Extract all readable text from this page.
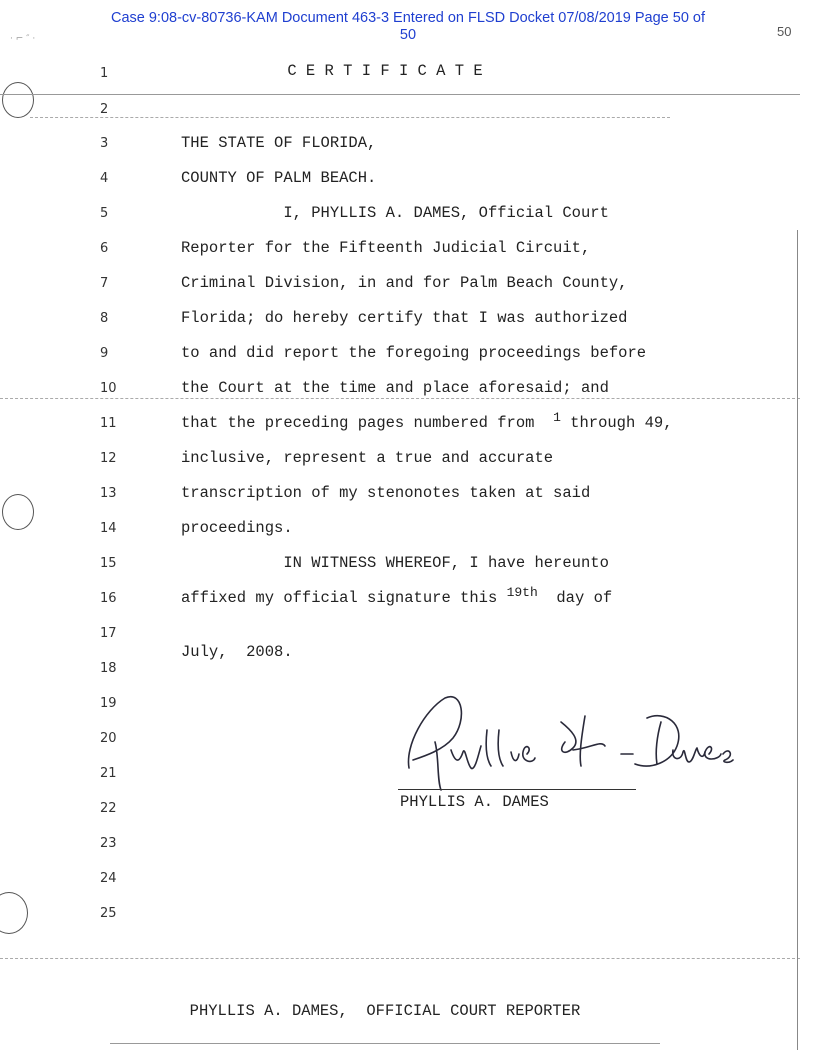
Case 9:08-cv-80736-KAM Document 463-3 Entered on FLSD Docket 07/08/2019 Page 50 of
50	50
· ⌐ ″ ·
1	C E R T I F I C A T E
2
3
4
5
6
7
8
9
10
11
12
13
14
15
16
17
18
19
20
21
22
23
24
25
THE STATE OF FLORIDA,
COUNTY OF PALM BEACH.
I, PHYLLIS A. DAMES, Official Court
Reporter for the Fifteenth Judicial Circuit,
Criminal Division, in and for Palm Beach County,
Florida; do hereby certify that I was authorized
to and did report the foregoing proceedings before
the Court at the time and place aforesaid; and
that the preceding pages numbered from  $^1$ through 49,
inclusive, represent a true and accurate
transcription of my stenonotes taken at said
proceedings.
IN WITNESS WHEREOF, I have hereunto
affixed my official signature this $^{19th}$  day of
July,  2008.
PHYLLIS A. DAMES
PHYLLIS A. DAMES,  OFFICIAL COURT REPORTER
